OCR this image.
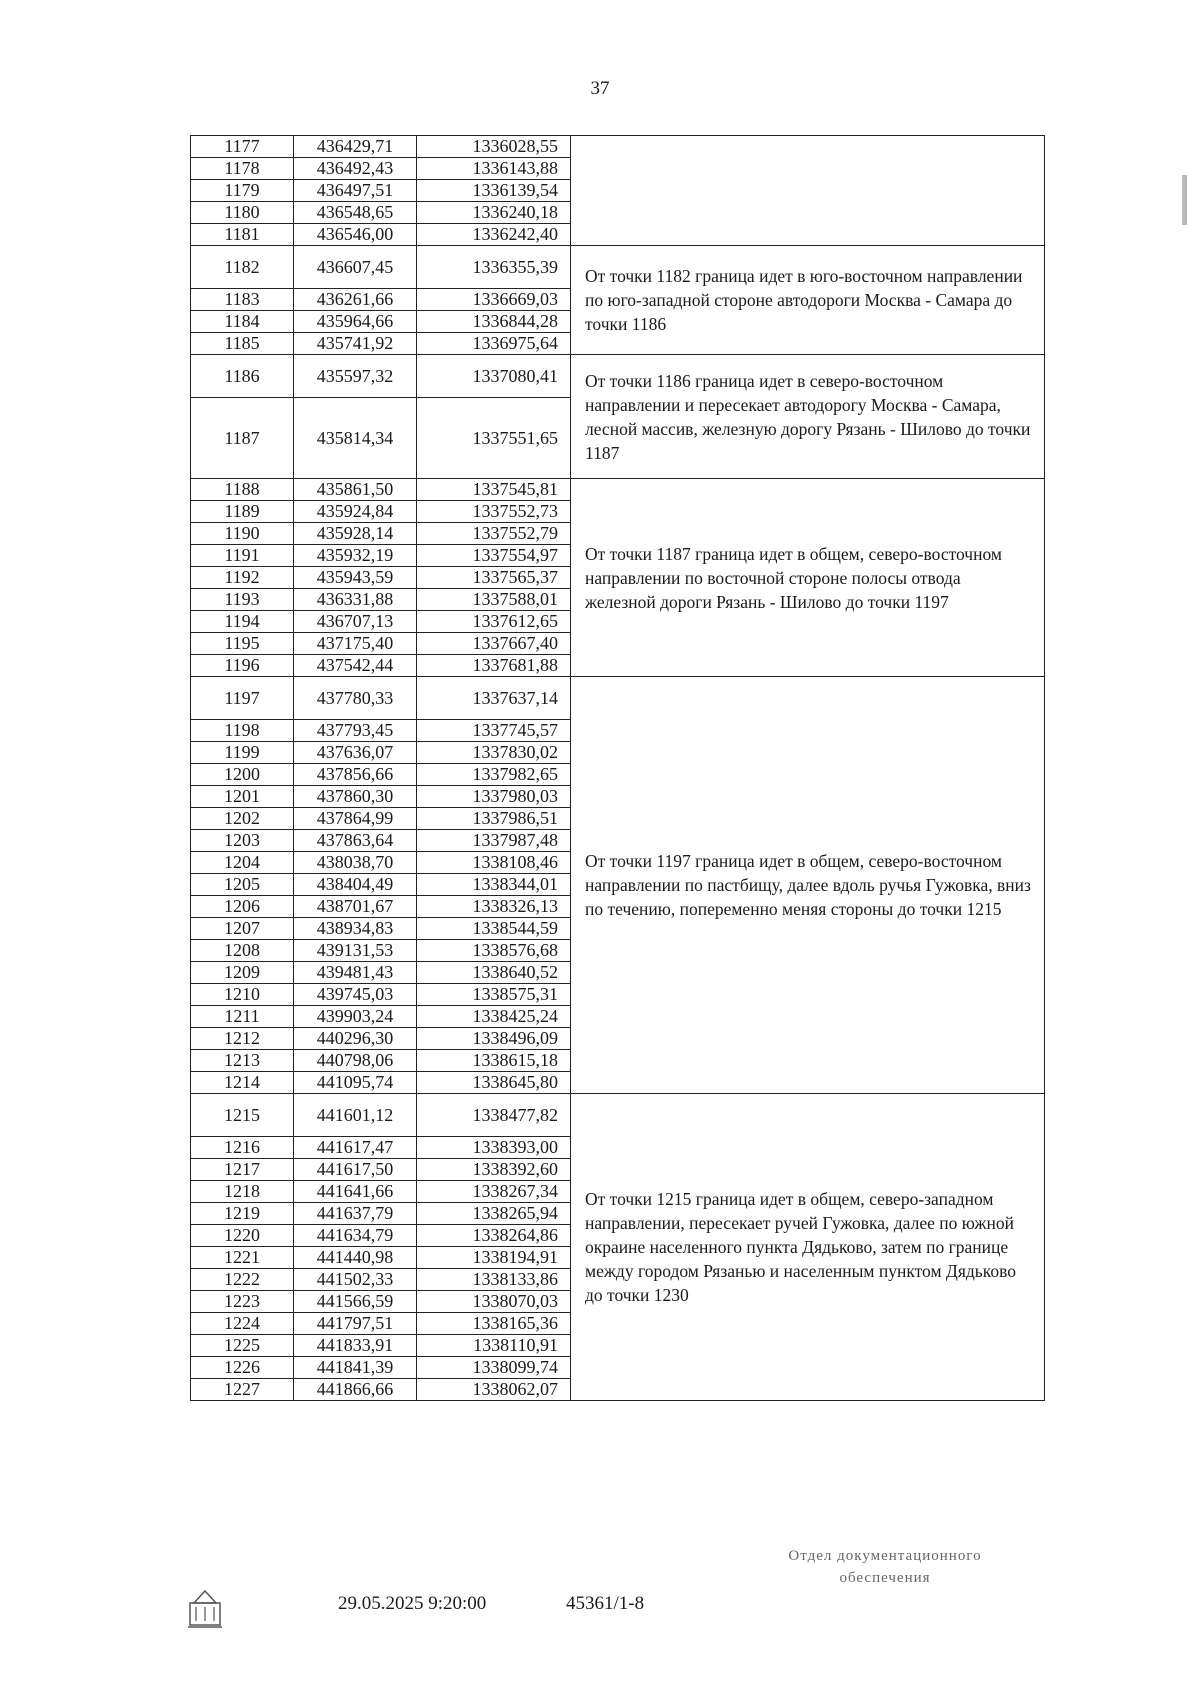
37
1177	436429,71	1336028,55	
1178	436492,43	1336143,88	
1179	436497,51	1336139,54	
1180	436548,65	1336240,18	
1181	436546,00	1336242,40	
1182	436607,45	1336355,39	От точки 1182 граница идет в юго-восточном направлении по юго-западной стороне автодороги Москва - Самара до точки 1186
1183	436261,66	1336669,03	
1184	435964,66	1336844,28	
1185	435741,92	1336975,64	
1186	435597,32	1337080,41	От точки 1186 граница идет в северо-восточном направлении и пересекает автодорогу Москва - Самара, лесной массив, железную дорогу Рязань - Шилово до точки 1187
1187	435814,34	1337551,65	
1188	435861,50	1337545,81	От точки 1187 граница идет в общем, северо-восточном направлении по восточной стороне полосы отвода железной дороги Рязань - Шилово до точки 1197
1189	435924,84	1337552,73	
1190	435928,14	1337552,79	
1191	435932,19	1337554,97	
1192	435943,59	1337565,37	
1193	436331,88	1337588,01	
1194	436707,13	1337612,65	
1195	437175,40	1337667,40	
1196	437542,44	1337681,88	
1197	437780,33	1337637,14	От точки 1197 граница идет в общем, северо-восточном направлении по пастбищу, далее вдоль ручья Гужовка, вниз по течению, попеременно меняя стороны до точки 1215
1198	437793,45	1337745,57	
1199	437636,07	1337830,02	
1200	437856,66	1337982,65	
1201	437860,30	1337980,03	
1202	437864,99	1337986,51	
1203	437863,64	1337987,48	
1204	438038,70	1338108,46	
1205	438404,49	1338344,01	
1206	438701,67	1338326,13	
1207	438934,83	1338544,59	
1208	439131,53	1338576,68	
1209	439481,43	1338640,52	
1210	439745,03	1338575,31	
1211	439903,24	1338425,24	
1212	440296,30	1338496,09	
1213	440798,06	1338615,18	
1214	441095,74	1338645,80	
1215	441601,12	1338477,82	От точки 1215 граница идет в общем, северо-западном направлении, пересекает ручей Гужовка, далее по южной окраине населенного пункта Дядьково, затем по границе между городом Рязанью и населенным пунктом Дядьково до точки 1230
1216	441617,47	1338393,00	
1217	441617,50	1338392,60	
1218	441641,66	1338267,34	
1219	441637,79	1338265,94	
1220	441634,79	1338264,86	
1221	441440,98	1338194,91	
1222	441502,33	1338133,86	
1223	441566,59	1338070,03	
1224	441797,51	1338165,36	
1225	441833,91	1338110,91	
1226	441841,39	1338099,74	
1227	441866,66	1338062,07	
29.05.2025 9:20:00	45361/1-8
Отдел документационного
обеспечения
